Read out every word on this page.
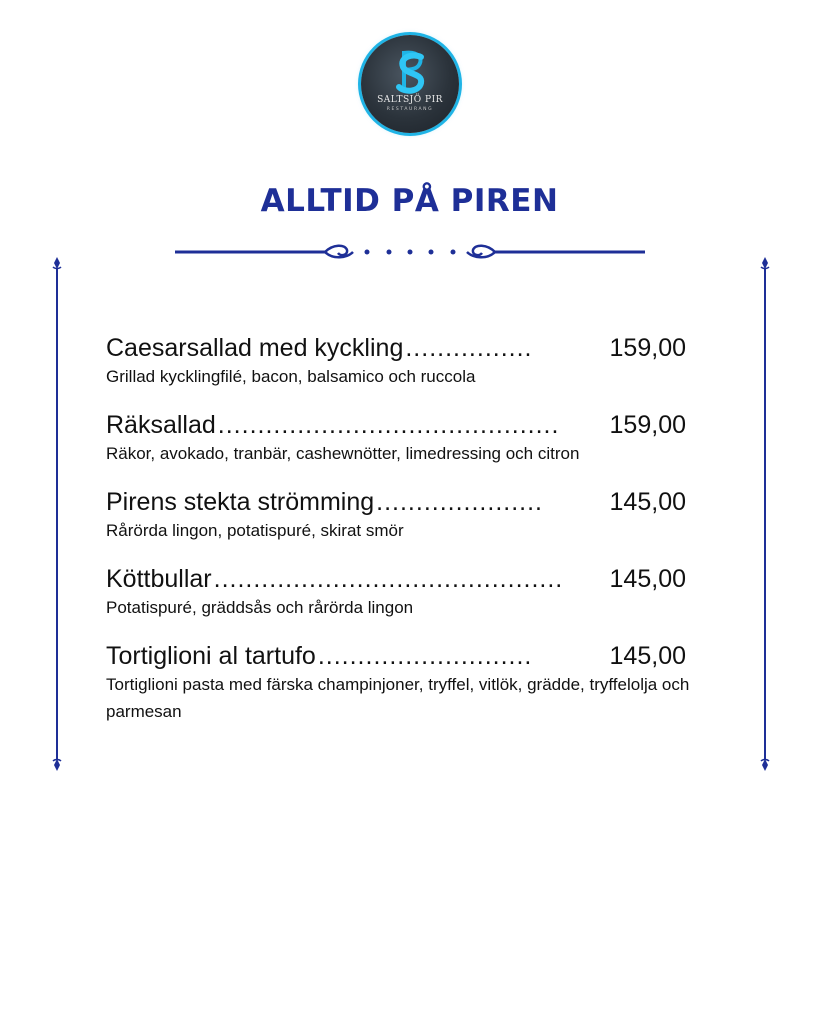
SALTSJÖ PIR
RESTAURANG
ALLTID PÅ PIREN
Caesarsallad med kyckling ................	159,00
Grillad kycklingfilé, bacon, balsamico och ruccola
Räksallad ...........................................	159,00
Räkor, avokado, tranbär, cashewnötter, limedressing och citron
Pirens stekta strömming .....................	145,00
Rårörda lingon, potatispuré, skirat smör
Köttbullar ............................................	145,00
Potatispuré, gräddsås och rårörda lingon
Tortiglioni al tartufo ...........................	145,00
Tortiglioni pasta med färska champinjoner, tryffel, vitlök, grädde, tryffelolja och parmesan
